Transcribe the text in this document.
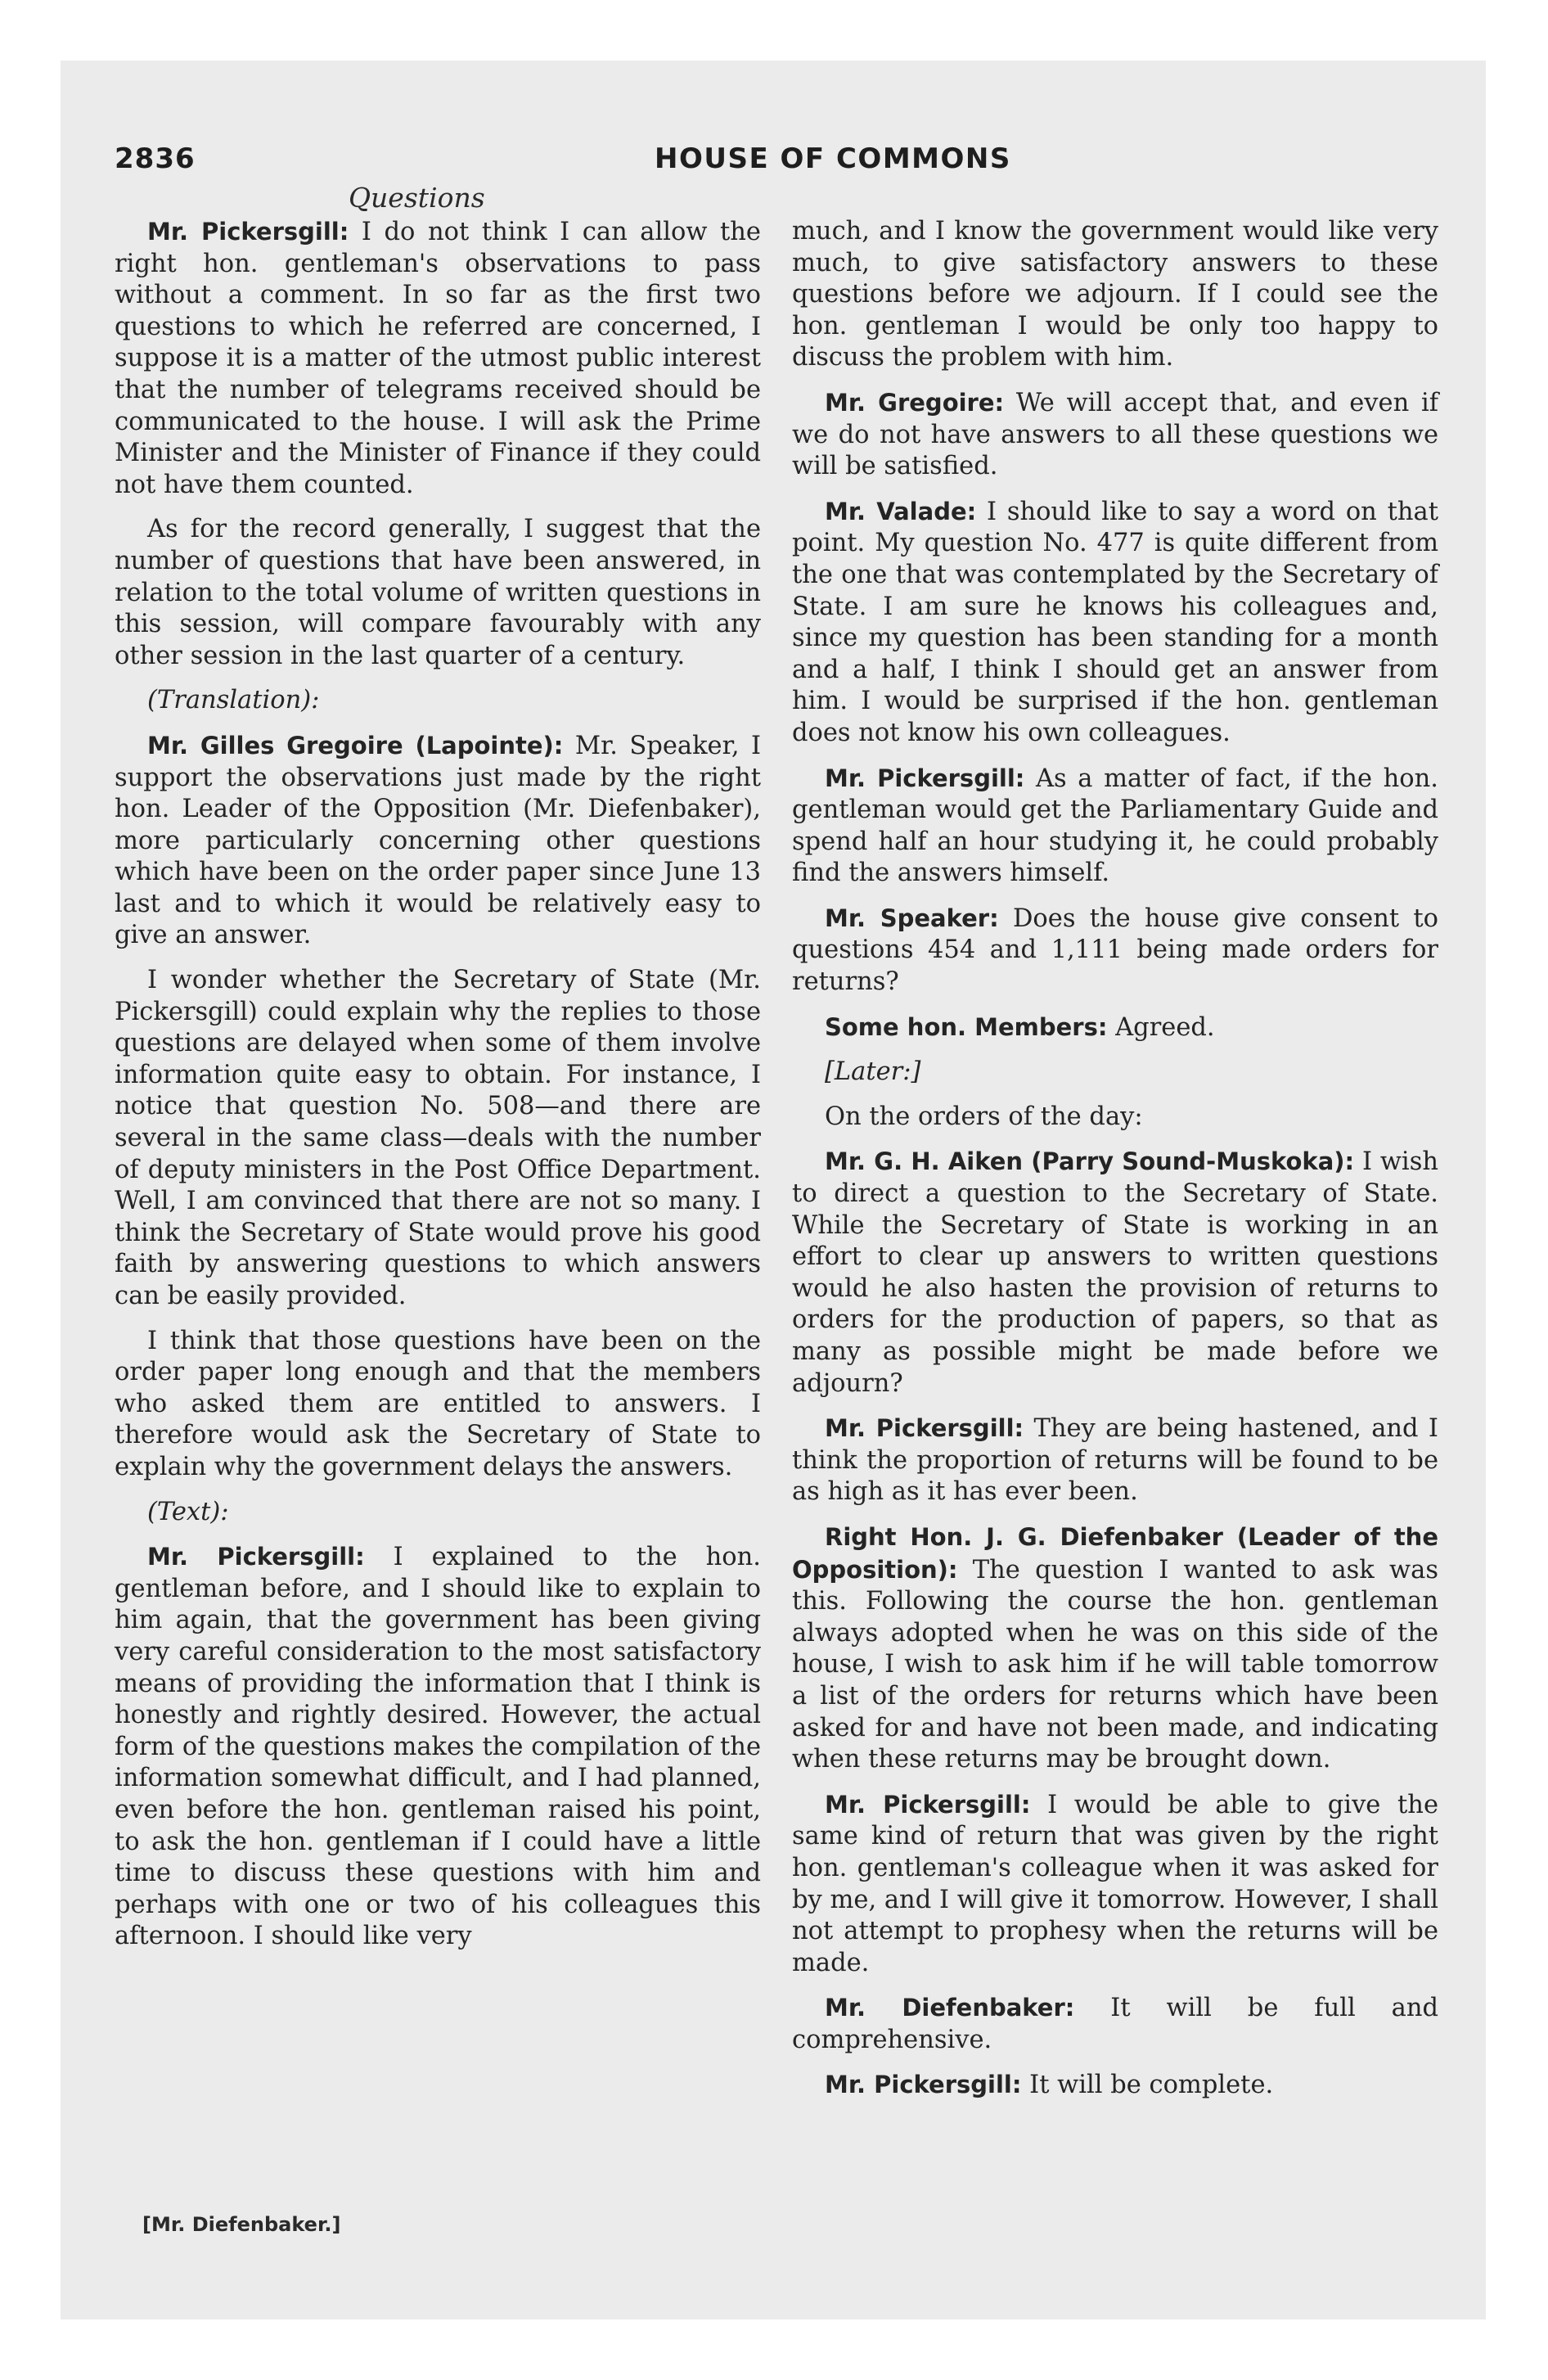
2836	HOUSE OF COMMONS
Questions

Mr. Pickersgill: I do not think I can allow the right hon. gentleman's observations to pass without a comment. In so far as the first two questions to which he referred are concerned, I suppose it is a matter of the utmost public interest that the number of telegrams received should be communicated to the house. I will ask the Prime Minister and the Minister of Finance if they could not have them counted.

As for the record generally, I suggest that the number of questions that have been answered, in relation to the total volume of written questions in this session, will compare favourably with any other session in the last quarter of a century.

(Translation):

Mr. Gilles Gregoire (Lapointe): Mr. Speaker, I support the observations just made by the right hon. Leader of the Opposition (Mr. Diefenbaker), more particularly concerning other questions which have been on the order paper since June 13 last and to which it would be relatively easy to give an answer.

I wonder whether the Secretary of State (Mr. Pickersgill) could explain why the replies to those questions are delayed when some of them involve information quite easy to obtain. For instance, I notice that question No. 508—and there are several in the same class—deals with the number of deputy ministers in the Post Office Department. Well, I am convinced that there are not so many. I think the Secretary of State would prove his good faith by answering questions to which answers can be easily provided.

I think that those questions have been on the order paper long enough and that the members who asked them are entitled to answers. I therefore would ask the Secretary of State to explain why the government delays the answers.

(Text):

Mr. Pickersgill: I explained to the hon. gentleman before, and I should like to explain to him again, that the government has been giving very careful consideration to the most satisfactory means of providing the information that I think is honestly and rightly desired. However, the actual form of the questions makes the compilation of the information somewhat difficult, and I had planned, even before the hon. gentleman raised his point, to ask the hon. gentleman if I could have a little time to discuss these questions with him and perhaps with one or two of his colleagues this afternoon. I should like very

much, and I know the government would like very much, to give satisfactory answers to these questions before we adjourn. If I could see the hon. gentleman I would be only too happy to discuss the problem with him.

Mr. Gregoire: We will accept that, and even if we do not have answers to all these questions we will be satisfied.

Mr. Valade: I should like to say a word on that point. My question No. 477 is quite different from the one that was contemplated by the Secretary of State. I am sure he knows his colleagues and, since my question has been standing for a month and a half, I think I should get an answer from him. I would be surprised if the hon. gentleman does not know his own colleagues.

Mr. Pickersgill: As a matter of fact, if the hon. gentleman would get the Parliamentary Guide and spend half an hour studying it, he could probably find the answers himself.

Mr. Speaker: Does the house give consent to questions 454 and 1,111 being made orders for returns?

Some hon. Members: Agreed.

[Later:]

On the orders of the day:

Mr. G. H. Aiken (Parry Sound-Muskoka): I wish to direct a question to the Secretary of State. While the Secretary of State is working in an effort to clear up answers to written questions would he also hasten the provision of returns to orders for the production of papers, so that as many as possible might be made before we adjourn?

Mr. Pickersgill: They are being hastened, and I think the proportion of returns will be found to be as high as it has ever been.

Right Hon. J. G. Diefenbaker (Leader of the Opposition): The question I wanted to ask was this. Following the course the hon. gentleman always adopted when he was on this side of the house, I wish to ask him if he will table tomorrow a list of the orders for returns which have been asked for and have not been made, and indicating when these returns may be brought down.

Mr. Pickersgill: I would be able to give the same kind of return that was given by the right hon. gentleman's colleague when it was asked for by me, and I will give it tomorrow. However, I shall not attempt to prophesy when the returns will be made.

Mr. Diefenbaker: It will be full and comprehensive.

Mr. Pickersgill: It will be complete.

[Mr. Diefenbaker.]
